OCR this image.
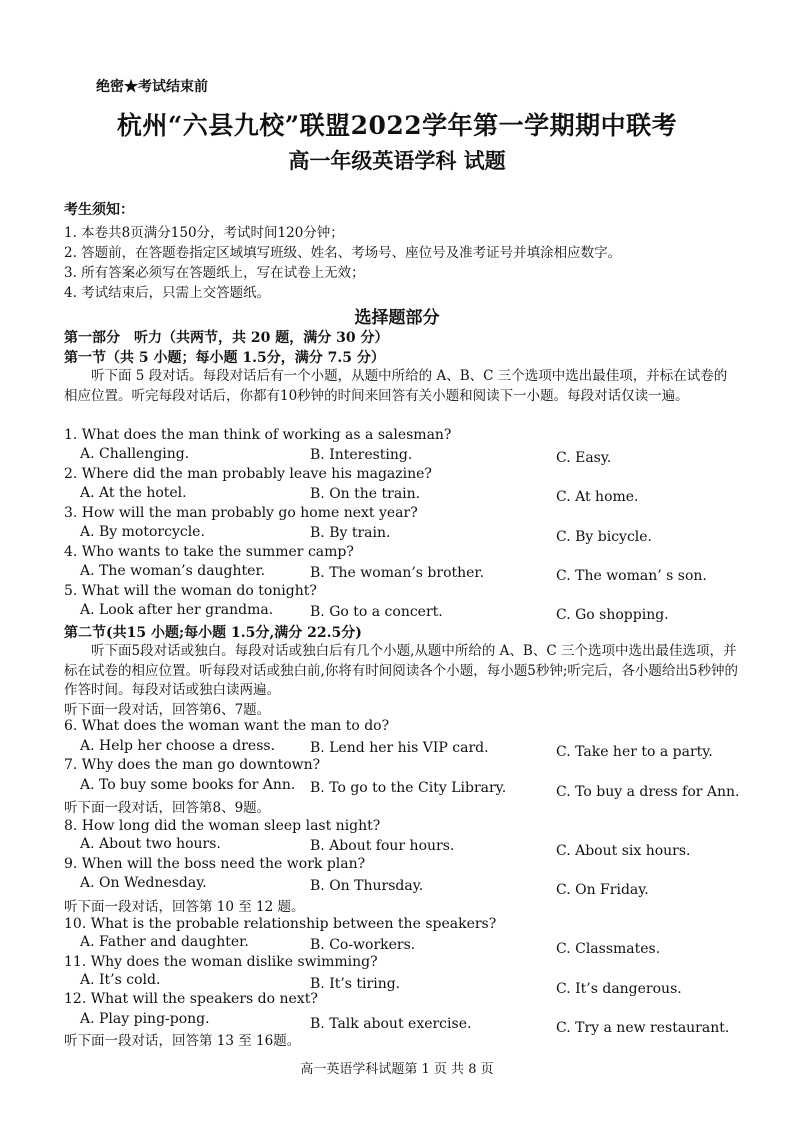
绝密★考试结束前
杭州“六县九校”联盟2022学年第一学期期中联考
高一年级英语学科 试题
考生须知：
1. 本卷共8页满分150分，考试时间120分钟；
2. 答题前，在答题卷指定区域填写班级、姓名、考场号、座位号及准考证号并填涂相应数字。
3. 所有答案必须写在答题纸上，写在试卷上无效；
4. 考试结束后，只需上交答题纸。
选择题部分
第一部分　听力（共两节，共 20 题，满分 30 分）
第一节（共 5 小题；每小题 1.5分，满分 7.5 分）

听下面 5 段对话。每段对话后有一个小题，从题中所给的 A、B、C 三个选项中选出最佳项，并标在试卷的相应位置。听完每段对话后，你都有10秒钟的时间来回答有关小题和阅读下一小题。每段对话仅读一遍。

1. What does the man think of working as a salesman?
A. Challenging.	B. Interesting.	C. Easy.
2. Where did the man probably leave his magazine?
A. At the hotel.	B. On the train.	C. At home.
3. How will the man probably go home next year?
A. By motorcycle.	B. By train.	C. By bicycle.
4. Who wants to take the summer camp?
A. The woman’s daughter.	B. The woman’s brother.	C. The woman’ s son.
5. What will the woman do tonight?
A. Look after her grandma.	B. Go to a concert.	C. Go shopping.
第二节(共15 小题;每小题 1.5分,满分 22.5分)

听下面5段对话或独白。每段对话或独白后有几个小题,从题中所给的 A、B、C 三个选项中选出最佳选项，并标在试卷的相应位置。听每段对话或独白前,你将有时间阅读各个小题，每小题5秒钟;听完后，各小题给出5秒钟的作答时间。每段对话或独白读两遍。

听下面一段对话，回答第6、7题。
6. What does the woman want the man to do?
A. Help her choose a dress. B. Lend her his VIP card.	C. Take her to a party.
7. Why does the man go downtown?
A. To buy some books for Ann. B. To go to the City Library.	C. To buy a dress for Ann.
听下面一段对话，回答第8、9题。
8. How long did the woman sleep last night?
A. About two hours.	B. About four hours.	C. About six hours.
9. When will the boss need the work plan?
A. On Wednesday.	B. On Thursday.	C. On Friday.
听下面一段对话，回答第 10 至 12 题。
10. What is the probable relationship between the speakers?
A. Father and daughter.	B. Co-workers.	C. Classmates.
11. Why does the woman dislike swimming?
A. It’s cold.	B. It’s tiring.	C. It’s dangerous.
12. What will the speakers do next?
A. Play ping-pong.	B. Talk about exercise.	C. Try a new restaurant.
听下面一段对话，回答第 13 至 16题。
高一英语学科试题第 1 页 共 8 页
